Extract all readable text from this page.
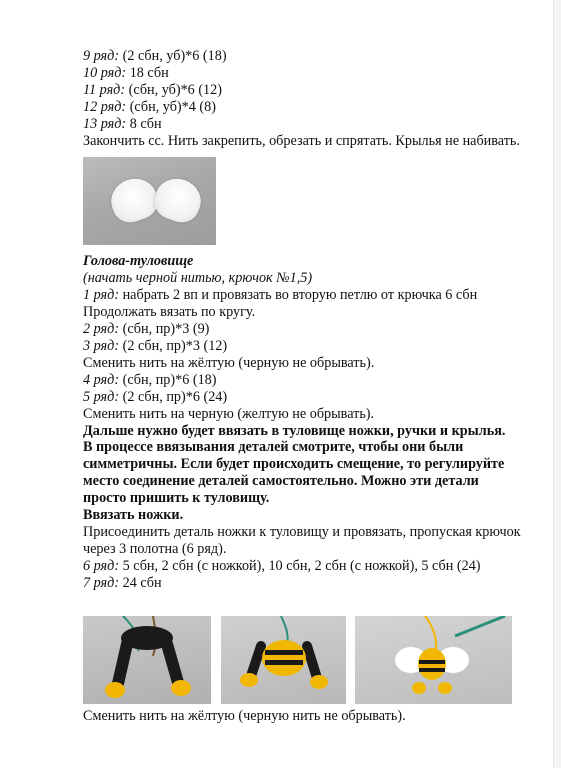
9 ряд: (2 сбн, уб)*6 (18)
10 ряд: 18 сбн
11 ряд: (сбн, уб)*6 (12)
12 ряд: (сбн, уб)*4 (8)
13 ряд: 8 сбн
Закончить сс. Нить закрепить, обрезать и спрятать. Крылья не набивать.
Голова-туловище
(начать черной нитью, крючок №1,5)
1 ряд: набрать 2 вп и провязать во вторую петлю от крючка 6 сбн
Продолжать вязать по кругу.
2 ряд: (сбн, пр)*3 (9)
3 ряд: (2 сбн, пр)*3 (12)
Сменить нить на жёлтую (черную не обрывать).
4 ряд: (сбн, пр)*6 (18)
5 ряд: (2 сбн, пр)*6 (24)
Сменить нить на черную (желтую не обрывать).
Дальше нужно будет ввязать в туловище ножки, ручки и крылья.
В процессе ввязывания деталей смотрите, чтобы они были симметричны. Если будет происходить смещение, то регулируйте место соединение деталей самостоятельно. Можно эти детали просто пришить к туловищу.
Ввязать ножки.
Присоединить деталь ножки к туловищу и провязать, пропуская крючок через 3 полотна (6 ряд).
6 ряд: 5 сбн, 2 сбн (с ножкой), 10 сбн, 2 сбн (с ножкой), 5 сбн (24)
7 ряд: 24 сбн
Сменить нить на жёлтую (черную нить не обрывать).
